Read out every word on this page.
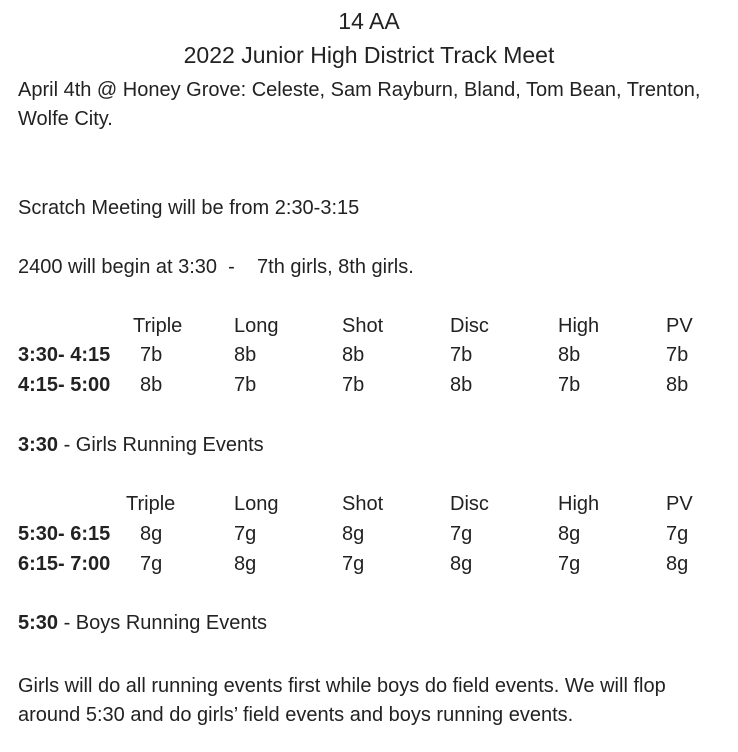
14 AA
2022 Junior High District Track Meet
April 4th @ Honey Grove: Celeste, Sam Rayburn, Bland, Tom Bean, Trenton, Wolfe City.
Scratch Meeting will be from 2:30-3:15
2400 will begin at 3:30  -    7th girls, 8th girls.
Triple	Long	Shot	Disc	High	PV
3:30- 4:15 7b	8b	8b	7b	8b	7b
4:15- 5:00 8b	7b	7b	8b	7b	8b
3:30 - Girls Running Events
Triple	Long	Shot	Disc	High	PV
5:30- 6:15 8g	7g	8g	7g	8g	7g
6:15- 7:00 7g	8g	7g	8g	7g	8g
5:30 - Boys Running Events
Girls will do all running events first while boys do field events. We will flop around 5:30 and do girls’ field events and boys running events.
